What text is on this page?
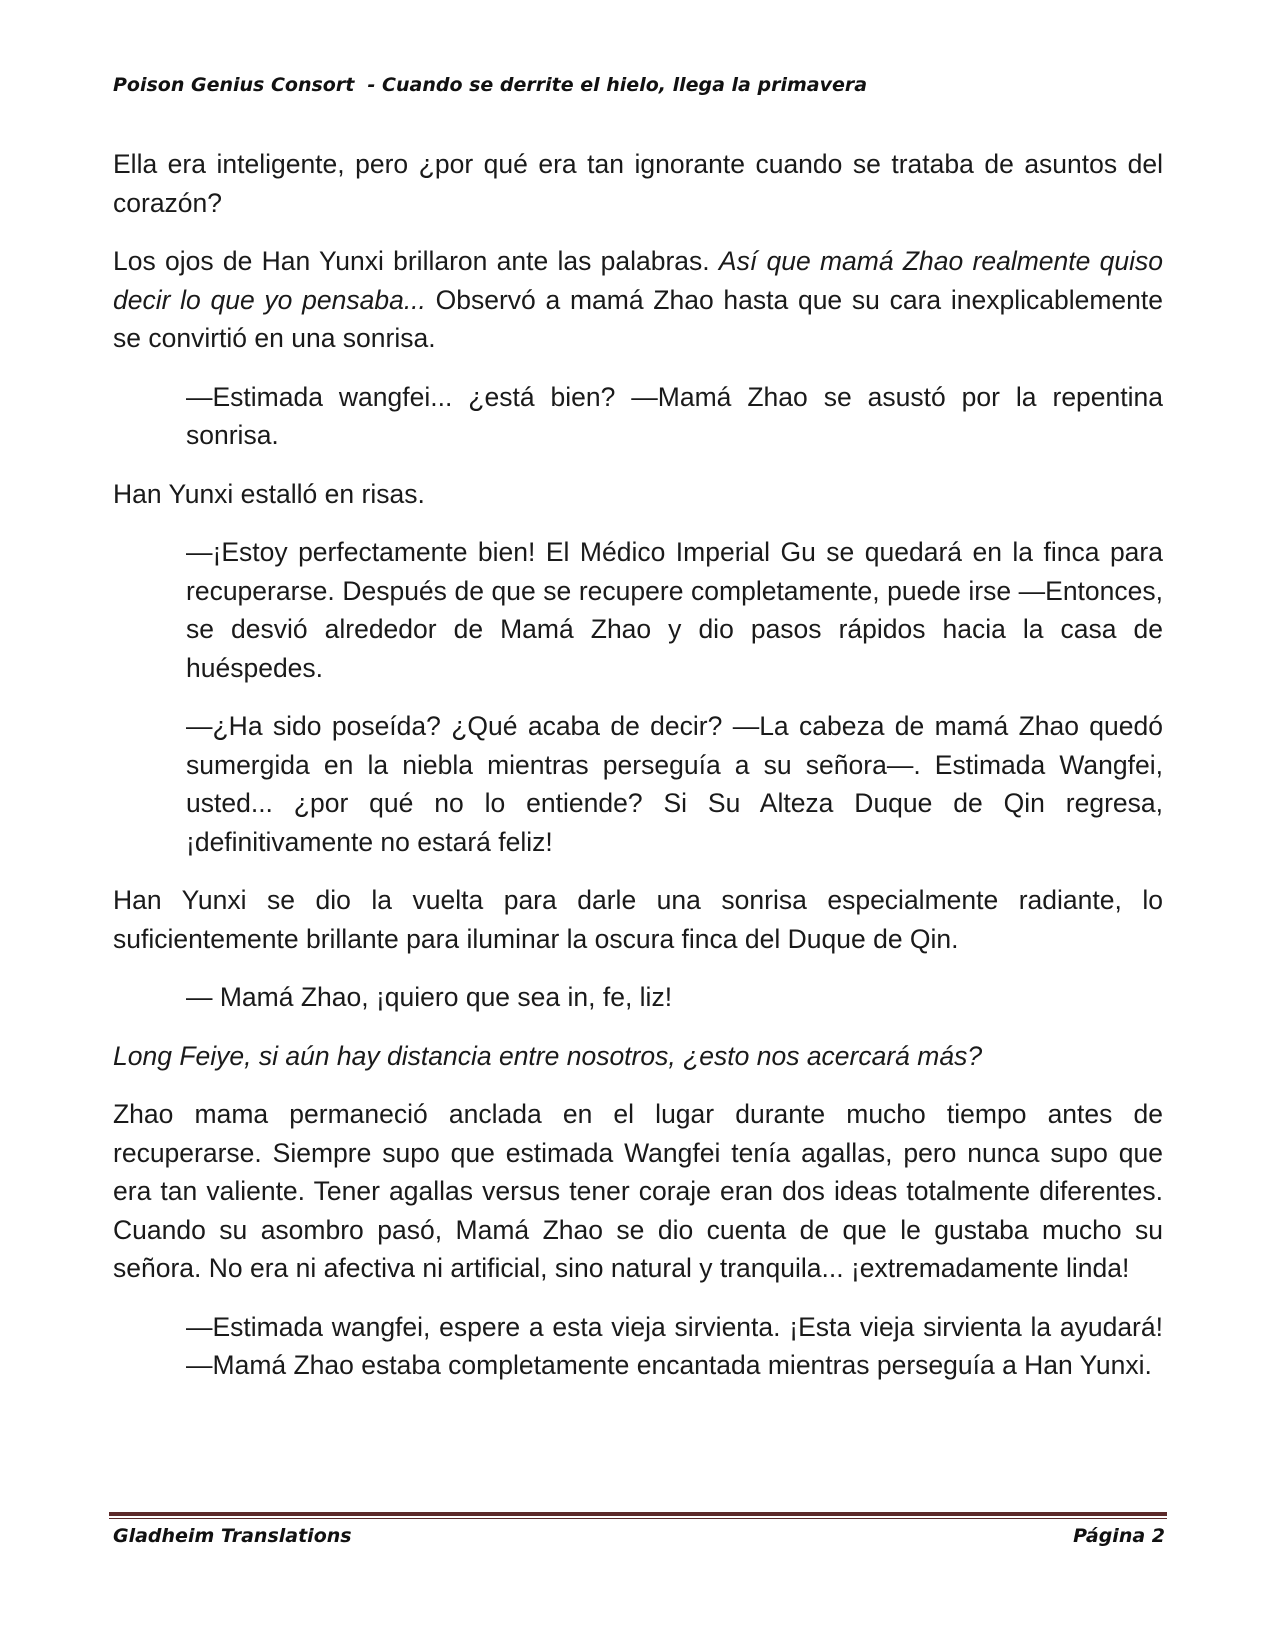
Poison Genius Consort  - Cuando se derrite el hielo, llega la primavera

Ella era inteligente, pero ¿por qué era tan ignorante cuando se trataba de asuntos del corazón?

Los ojos de Han Yunxi brillaron ante las palabras. Así que mamá Zhao realmente quiso decir lo que yo pensaba... Observó a mamá Zhao hasta que su cara inexplicablemente se convirtió en una sonrisa.

—Estimada wangfei... ¿está bien? —Mamá Zhao se asustó por la repentina sonrisa.

Han Yunxi estalló en risas.

—¡Estoy perfectamente bien! El Médico Imperial Gu se quedará en la finca para recuperarse. Después de que se recupere completamente, puede irse —Entonces, se desvió alrededor de Mamá Zhao y dio pasos rápidos hacia la casa de huéspedes.

—¿Ha sido poseída? ¿Qué acaba de decir? —La cabeza de mamá Zhao quedó sumergida en la niebla mientras perseguía a su señora—. Estimada Wangfei, usted... ¿por qué no lo entiende? Si Su Alteza Duque de Qin regresa, ¡definitivamente no estará feliz!

Han Yunxi se dio la vuelta para darle una sonrisa especialmente radiante, lo suficientemente brillante para iluminar la oscura finca del Duque de Qin.

— Mamá Zhao, ¡quiero que sea in, fe, liz!

Long Feiye, si aún hay distancia entre nosotros, ¿esto nos acercará más?

Zhao mama permaneció anclada en el lugar durante mucho tiempo antes de recuperarse. Siempre supo que estimada Wangfei tenía agallas, pero nunca supo que era tan valiente. Tener agallas versus tener coraje eran dos ideas totalmente diferentes. Cuando su asombro pasó, Mamá Zhao se dio cuenta de que le gustaba mucho su señora. No era ni afectiva ni artificial, sino natural y tranquila... ¡extremadamente linda!

—Estimada wangfei, espere a esta vieja sirvienta. ¡Esta vieja sirvienta la ayudará! —Mamá Zhao estaba completamente encantada mientras perseguía a Han Yunxi.

Gladheim Translations	Página 2
